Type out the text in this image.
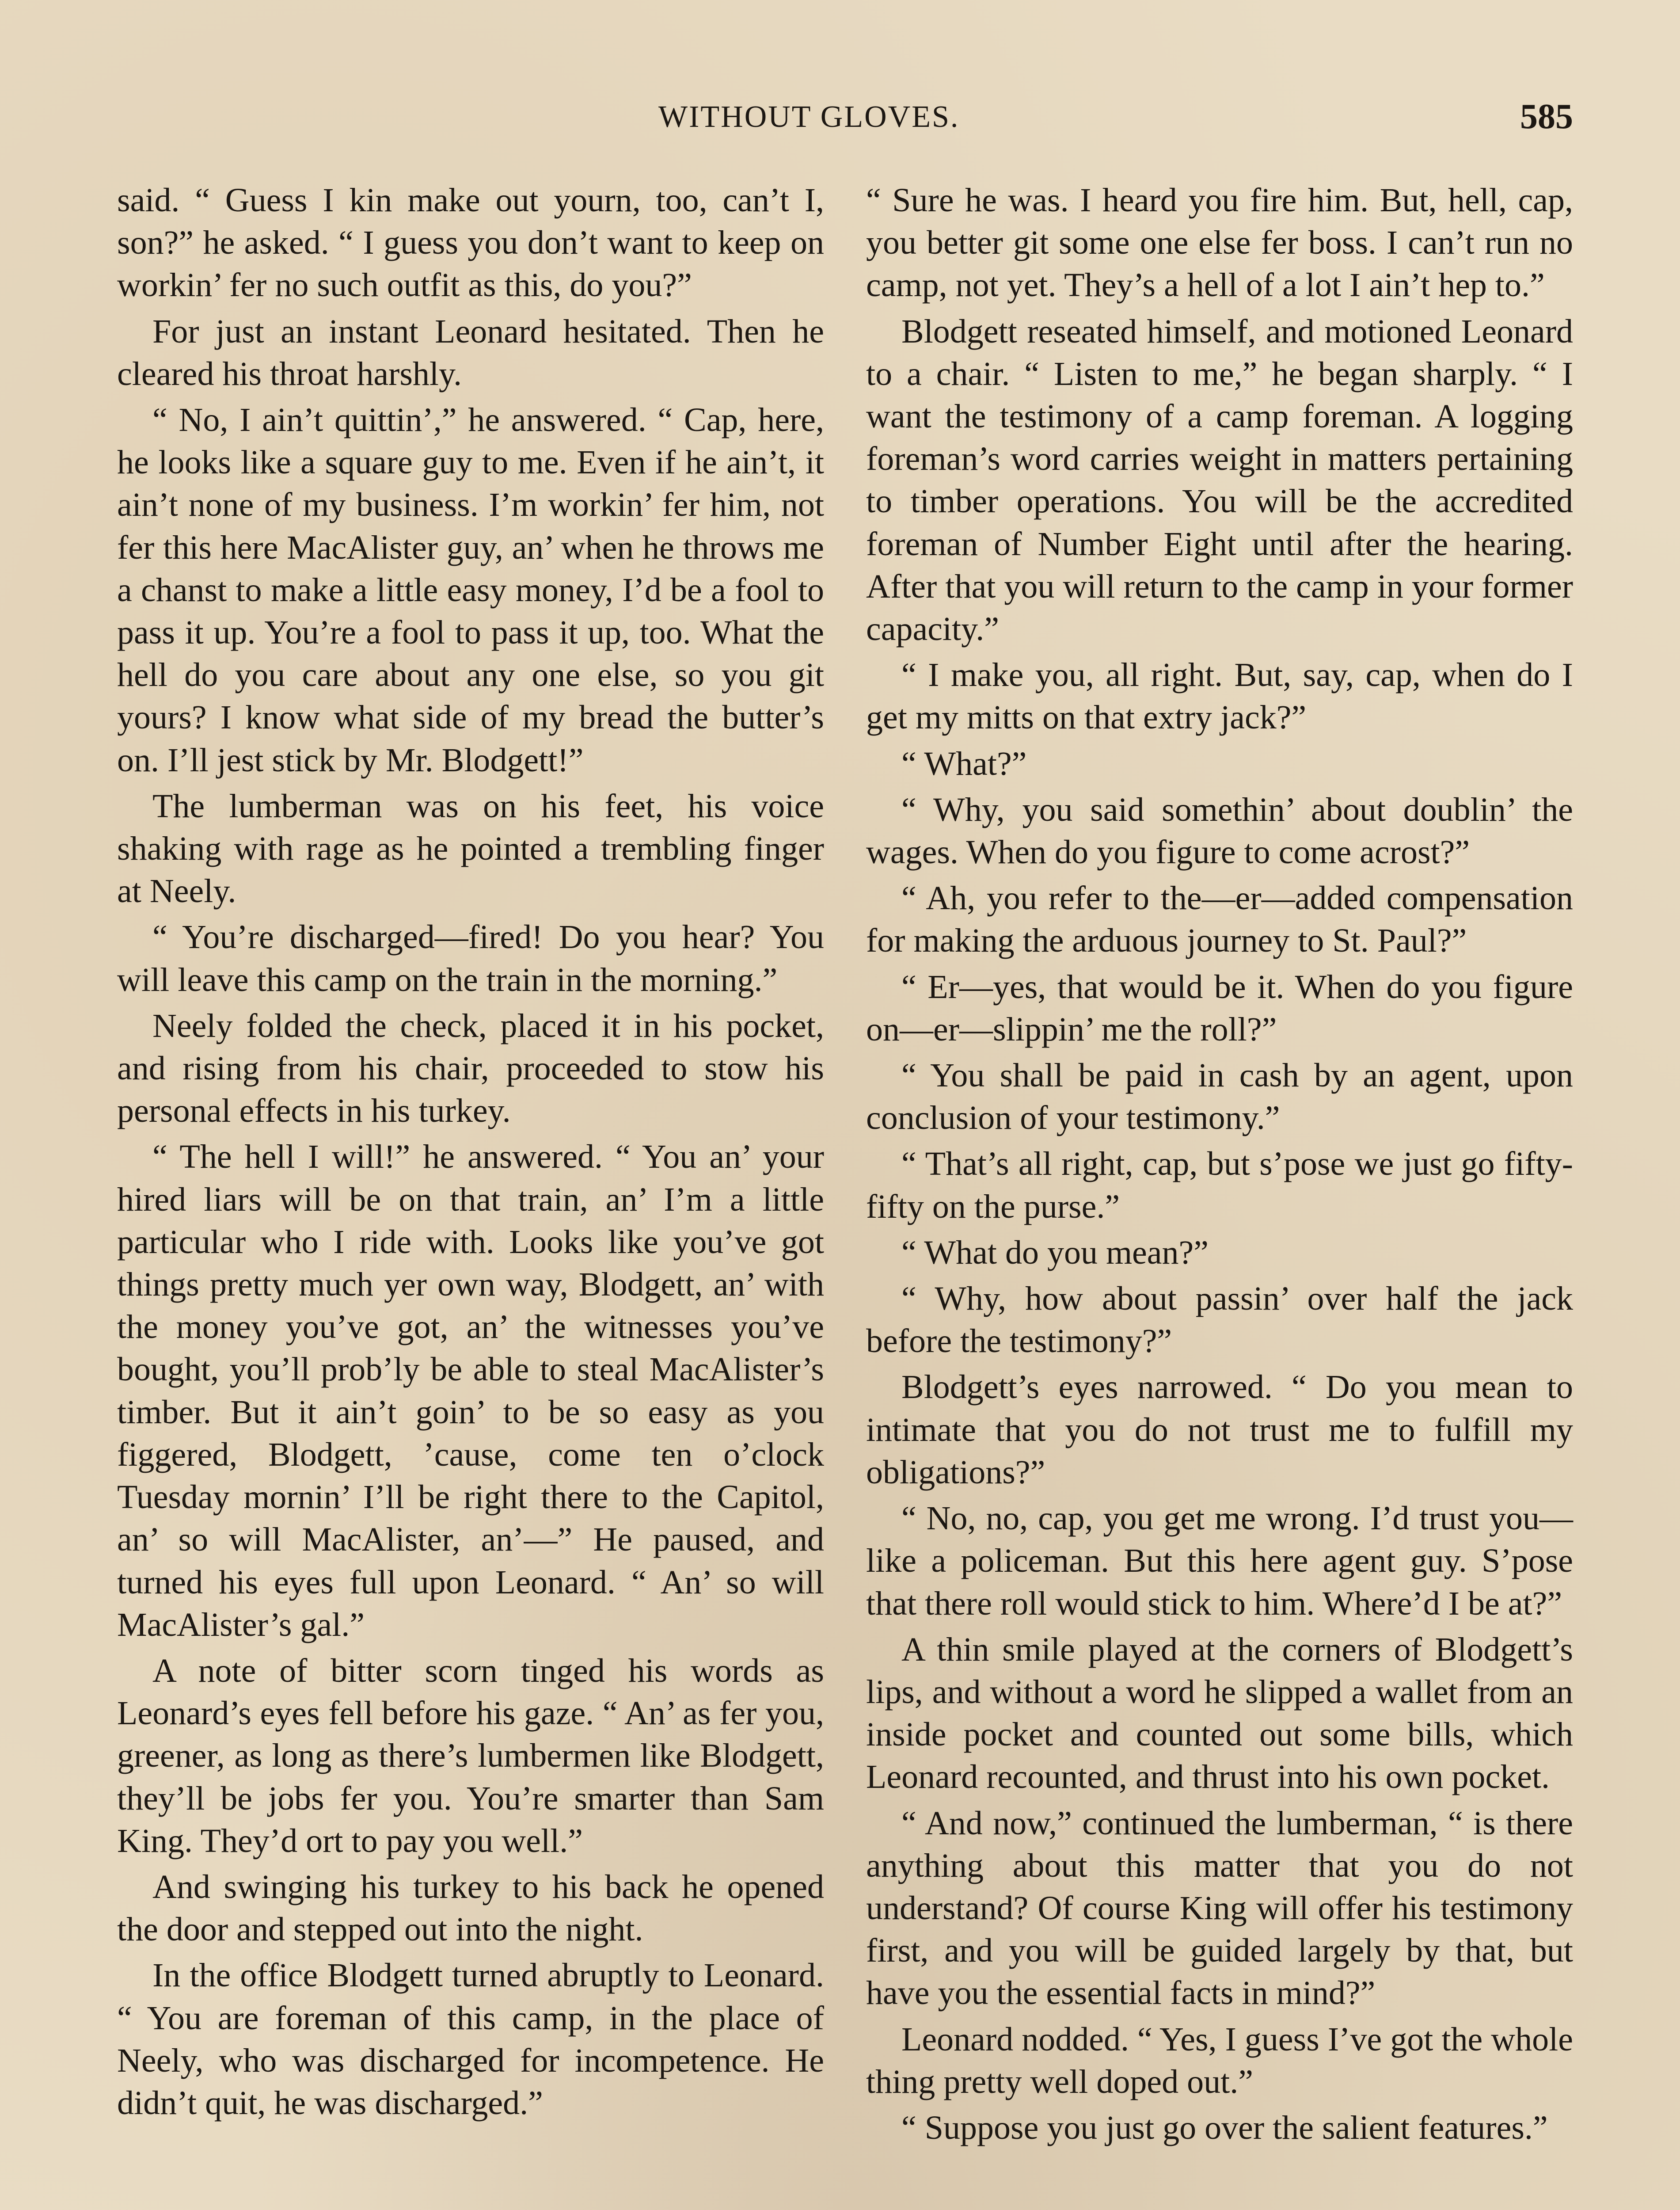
WITHOUT GLOVES.	585

said. “ Guess I kin make out yourn, too, can’t I, son?” he asked. “ I guess you don’t want to keep on workin’ fer no such outfit as this, do you?”

For just an instant Leonard hesitated. Then he cleared his throat harshly.

“ No, I ain’t quittin’,” he answered. “ Cap, here, he looks like a square guy to me. Even if he ain’t, it ain’t none of my business. I’m workin’ fer him, not fer this here MacAlister guy, an’ when he throws me a chanst to make a little easy money, I’d be a fool to pass it up. You’re a fool to pass it up, too. What the hell do you care about any one else, so you git yours? I know what side of my bread the butter’s on. I’ll jest stick by Mr. Blodgett!”

The lumberman was on his feet, his voice shaking with rage as he pointed a trembling finger at Neely.

“ You’re discharged—fired! Do you hear? You will leave this camp on the train in the morning.”

Neely folded the check, placed it in his pocket, and rising from his chair, proceeded to stow his personal effects in his turkey.

“ The hell I will!” he answered. “ You an’ your hired liars will be on that train, an’ I’m a little particular who I ride with. Looks like you’ve got things pretty much yer own way, Blodgett, an’ with the money you’ve got, an’ the witnesses you’ve bought, you’ll prob’ly be able to steal MacAlister’s timber. But it ain’t goin’ to be so easy as you figgered, Blodgett, ’cause, come ten o’clock Tuesday mornin’ I’ll be right there to the Capitol, an’ so will MacAlister, an’—” He paused, and turned his eyes full upon Leonard. “ An’ so will MacAlister’s gal.”

A note of bitter scorn tinged his words as Leonard’s eyes fell before his gaze. “ An’ as fer you, greener, as long as there’s lumbermen like Blodgett, they’ll be jobs fer you. You’re smarter than Sam King. They’d ort to pay you well.”

And swinging his turkey to his back he opened the door and stepped out into the night.

In the office Blodgett turned abruptly to Leonard. “ You are foreman of this camp, in the place of Neely, who was discharged for incompetence. He didn’t quit, he was discharged.”

“ Sure he was. I heard you fire him. But, hell, cap, you better git some one else fer boss. I can’t run no camp, not yet. They’s a hell of a lot I ain’t hep to.”

Blodgett reseated himself, and motioned Leonard to a chair. “ Listen to me,” he began sharply. “ I want the testimony of a camp foreman. A logging foreman’s word carries weight in matters pertaining to timber operations. You will be the accredited foreman of Number Eight until after the hearing. After that you will return to the camp in your former capacity.”

“ I make you, all right. But, say, cap, when do I get my mitts on that extry jack?”

“ What?”

“ Why, you said somethin’ about doublin’ the wages. When do you figure to come acrost?”

“ Ah, you refer to the—er—added compensation for making the arduous journey to St. Paul?”

“ Er—yes, that would be it. When do you figure on—er—slippin’ me the roll?”

“ You shall be paid in cash by an agent, upon conclusion of your testimony.”

“ That’s all right, cap, but s’pose we just go fifty-fifty on the purse.”

“ What do you mean?”

“ Why, how about passin’ over half the jack before the testimony?”

Blodgett’s eyes narrowed. “ Do you mean to intimate that you do not trust me to fulfill my obligations?”

“ No, no, cap, you get me wrong. I’d trust you—like a policeman. But this here agent guy. S’pose that there roll would stick to him. Where’d I be at?”

A thin smile played at the corners of Blodgett’s lips, and without a word he slipped a wallet from an inside pocket and counted out some bills, which Leonard recounted, and thrust into his own pocket.

“ And now,” continued the lumberman, “ is there anything about this matter that you do not understand? Of course King will offer his testimony first, and you will be guided largely by that, but have you the essential facts in mind?”

Leonard nodded. “ Yes, I guess I’ve got the whole thing pretty well doped out.”

“ Suppose you just go over the salient features.”
